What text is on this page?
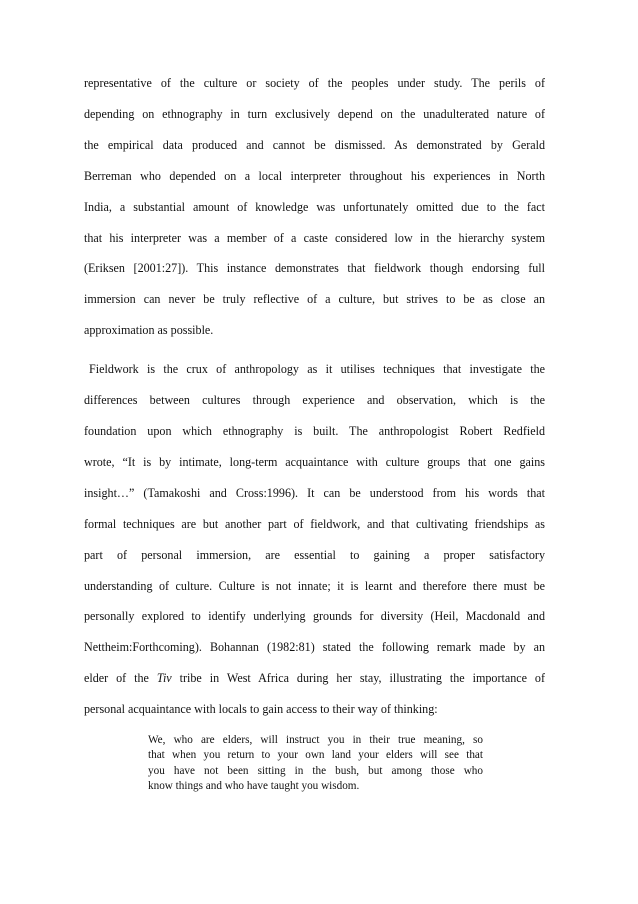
representative of the culture or society of the peoples under study. The perils of

depending on ethnography in turn exclusively depend on the unadulterated nature of

the empirical data produced and cannot be dismissed. As demonstrated by Gerald

Berreman who depended on a local interpreter throughout his experiences in North

India, a substantial amount of knowledge was unfortunately omitted due to the fact

that his interpreter was a member of a caste considered low in the hierarchy system

(Eriksen [2001:27]). This instance demonstrates that fieldwork though endorsing full

immersion can never be truly reflective of a culture, but strives to be as close an

approximation as possible.

Fieldwork is the crux of anthropology as it utilises techniques that investigate the

differences between cultures through experience and observation, which is the

foundation upon which ethnography is built. The anthropologist Robert Redfield

wrote, “It is by intimate, long-term acquaintance with culture groups that one gains

insight…” (Tamakoshi and Cross:1996). It can be understood from his words that

formal techniques are but another part of fieldwork, and that cultivating friendships as

part of personal immersion, are essential to gaining a proper satisfactory

understanding of culture. Culture is not innate; it is learnt and therefore there must be

personally explored to identify underlying grounds for diversity (Heil, Macdonald and

Nettheim:Forthcoming). Bohannan (1982:81) stated the following remark made by an

elder of the Tiv tribe in West Africa during her stay, illustrating the importance of

personal acquaintance with locals to gain access to their way of thinking:

We, who are elders, will instruct you in their true meaning, so

that when you return to your own land your elders will see that

you have not been sitting in the bush, but among those who

know things and who have taught you wisdom.
